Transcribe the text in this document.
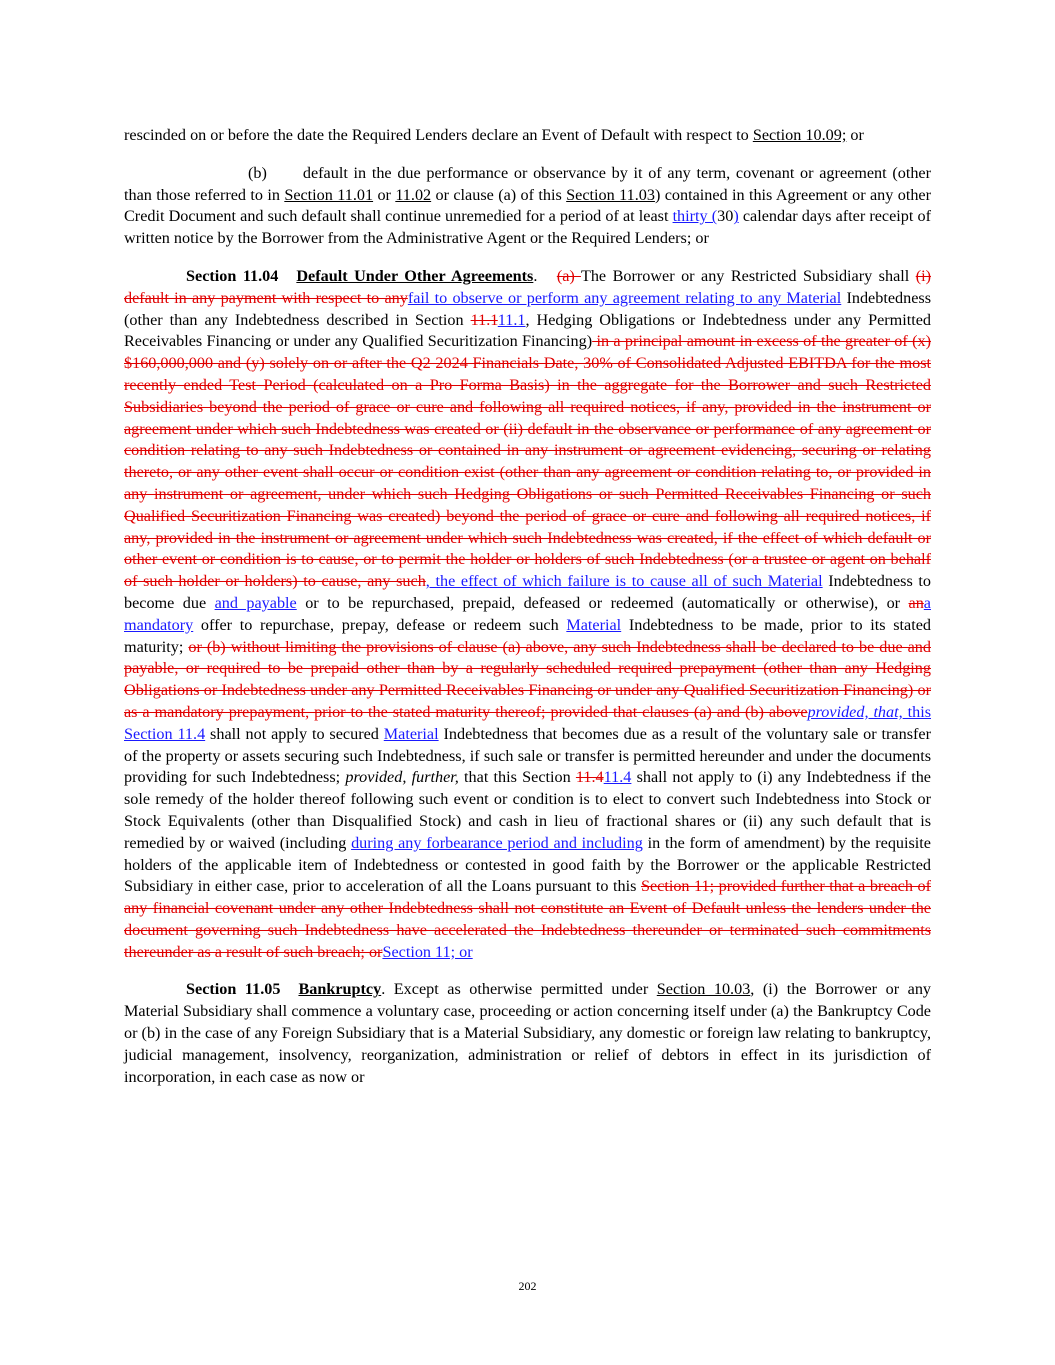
rescinded on or before the date the Required Lenders declare an Event of Default with respect to Section 10.09; or

(b) default in the due performance or observance by it of any term, covenant or agreement (other than those referred to in Section 11.01 or 11.02 or clause (a) of this Section 11.03) contained in this Agreement or any other Credit Document and such default shall continue unremedied for a period of at least thirty (30) calendar days after receipt of written notice by the Borrower from the Administrative Agent or the Required Lenders; or

Section 11.04 Default Under Other Agreements. (a) The Borrower or any Restricted Subsidiary shall (i) default in any payment with respect to anyfail to observe or perform any agreement relating to any Material Indebtedness (other than any Indebtedness described in Section 11.111.1, Hedging Obligations or Indebtedness under any Permitted Receivables Financing or under any Qualified Securitization Financing) in a principal amount in excess of the greater of (x) $160,000,000 and (y) solely on or after the Q2 2024 Financials Date, 30% of Consolidated Adjusted EBITDA for the most recently ended Test Period (calculated on a Pro Forma Basis) in the aggregate for the Borrower and such Restricted Subsidiaries beyond the period of grace or cure and following all required notices, if any, provided in the instrument or agreement under which such Indebtedness was created or (ii) default in the observance or performance of any agreement or condition relating to any such Indebtedness or contained in any instrument or agreement evidencing, securing or relating thereto, or any other event shall occur or condition exist (other than any agreement or condition relating to, or provided in any instrument or agreement, under which such Hedging Obligations or such Permitted Receivables Financing or such Qualified Securitization Financing was created) beyond the period of grace or cure and following all required notices, if any, provided in the instrument or agreement under which such Indebtedness was created, if the effect of which default or other event or condition is to cause, or to permit the holder or holders of such Indebtedness (or a trustee or agent on behalf of such holder or holders) to cause, any such, the effect of which failure is to cause all of such Material Indebtedness to become due and payable or to be repurchased, prepaid, defeased or redeemed (automatically or otherwise), or ana mandatory offer to repurchase, prepay, defease or redeem such Material Indebtedness to be made, prior to its stated maturity; or (b) without limiting the provisions of clause (a) above, any such Indebtedness shall be declared to be due and payable, or required to be prepaid other than by a regularly scheduled required prepayment (other than any Hedging Obligations or Indebtedness under any Permitted Receivables Financing or under any Qualified Securitization Financing) or as a mandatory prepayment, prior to the stated maturity thereof; provided that clauses (a) and (b) aboveprovided, that, this Section 11.4 shall not apply to secured Material Indebtedness that becomes due as a result of the voluntary sale or transfer of the property or assets securing such Indebtedness, if such sale or transfer is permitted hereunder and under the documents providing for such Indebtedness; provided, further, that this Section 11.411.4 shall not apply to (i) any Indebtedness if the sole remedy of the holder thereof following such event or condition is to elect to convert such Indebtedness into Stock or Stock Equivalents (other than Disqualified Stock) and cash in lieu of fractional shares or (ii) any such default that is remedied by or waived (including during any forbearance period and including in the form of amendment) by the requisite holders of the applicable item of Indebtedness or contested in good faith by the Borrower or the applicable Restricted Subsidiary in either case, prior to acceleration of all the Loans pursuant to this Section 11; provided further that a breach of any financial covenant under any other Indebtedness shall not constitute an Event of Default unless the lenders under the document governing such Indebtedness have accelerated the Indebtedness thereunder or terminated such commitments thereunder as a result of such breach; orSection 11; or

Section 11.05 Bankruptcy. Except as otherwise permitted under Section 10.03, (i) the Borrower or any Material Subsidiary shall commence a voluntary case, proceeding or action concerning itself under (a) the Bankruptcy Code or (b) in the case of any Foreign Subsidiary that is a Material Subsidiary, any domestic or foreign law relating to bankruptcy, judicial management, insolvency, reorganization, administration or relief of debtors in effect in its jurisdiction of incorporation, in each case as now or

202
